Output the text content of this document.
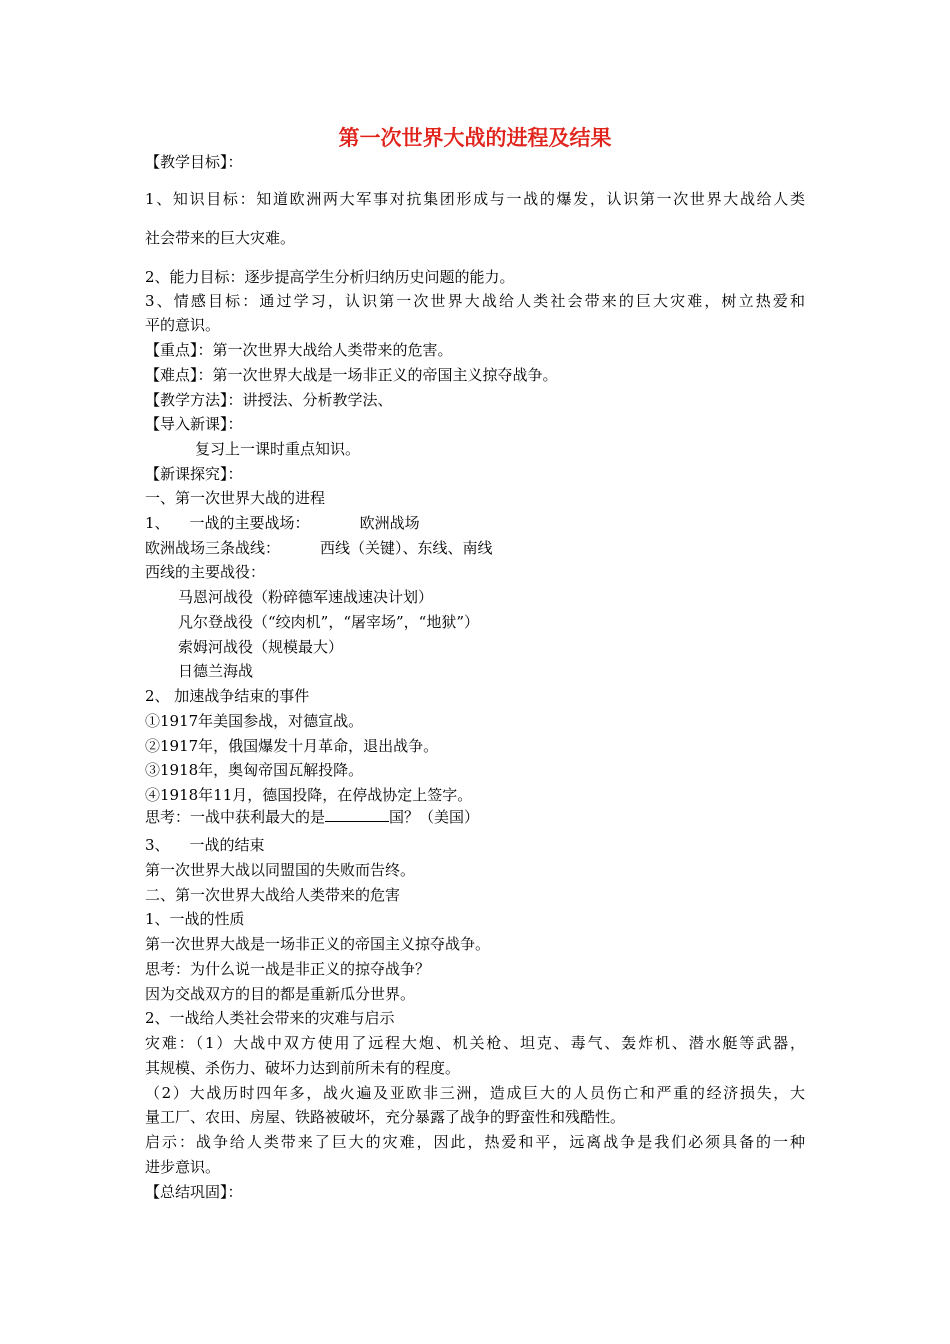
第一次世界大战的进程及结果
【教学目标】：
1、知识目标：知道欧洲两大军事对抗集团形成与一战的爆发，认识第一次世界大战给人类
社会带来的巨大灾难。
2、能力目标：逐步提高学生分析归纳历史问题的能力。
3、情感目标：通过学习，认识第一次世界大战给人类社会带来的巨大灾难，树立热爱和
平的意识。
【重点】：第一次世界大战给人类带来的危害。
【难点】：第一次世界大战是一场非正义的帝国主义掠夺战争。
【教学方法】：讲授法、分析教学法、
【导入新课】：
复习上一课时重点知识。
【新课探究】：
一、第一次世界大战的进程
1、 一战的主要战场：	欧洲战场
欧洲战场三条战线：	西线（关键）、东线、南线
西线的主要战役：
马恩河战役（粉碎德军速战速决计划）
凡尔登战役（“绞肉机”，“屠宰场”，“地狱”）
索姆河战役（规模最大）
日德兰海战
2、 加速战争结束的事件
①1917年美国参战，对德宣战。
②1917年，俄国爆发十月革命，退出战争。
③1918年，奥匈帝国瓦解投降。
④1918年11月，德国投降，在停战协定上签字。
思考：一战中获利最大的是	国？（美国）
3、 一战的结束
第一次世界大战以同盟国的失败而告终。
二、第一次世界大战给人类带来的危害
1、一战的性质
第一次世界大战是一场非正义的帝国主义掠夺战争。
思考：为什么说一战是非正义的掠夺战争？
因为交战双方的目的都是重新瓜分世界。
2、一战给人类社会带来的灾难与启示
灾难：（1）大战中双方使用了远程大炮、机关枪、坦克、毒气、轰炸机、潜水艇等武器，
其规模、杀伤力、破坏力达到前所未有的程度。
（2）大战历时四年多，战火遍及亚欧非三洲，造成巨大的人员伤亡和严重的经济损失，大
量工厂、农田、房屋、铁路被破坏，充分暴露了战争的野蛮性和残酷性。
启示：战争给人类带来了巨大的灾难，因此，热爱和平，远离战争是我们必须具备的一种
进步意识。
【总结巩固】：
